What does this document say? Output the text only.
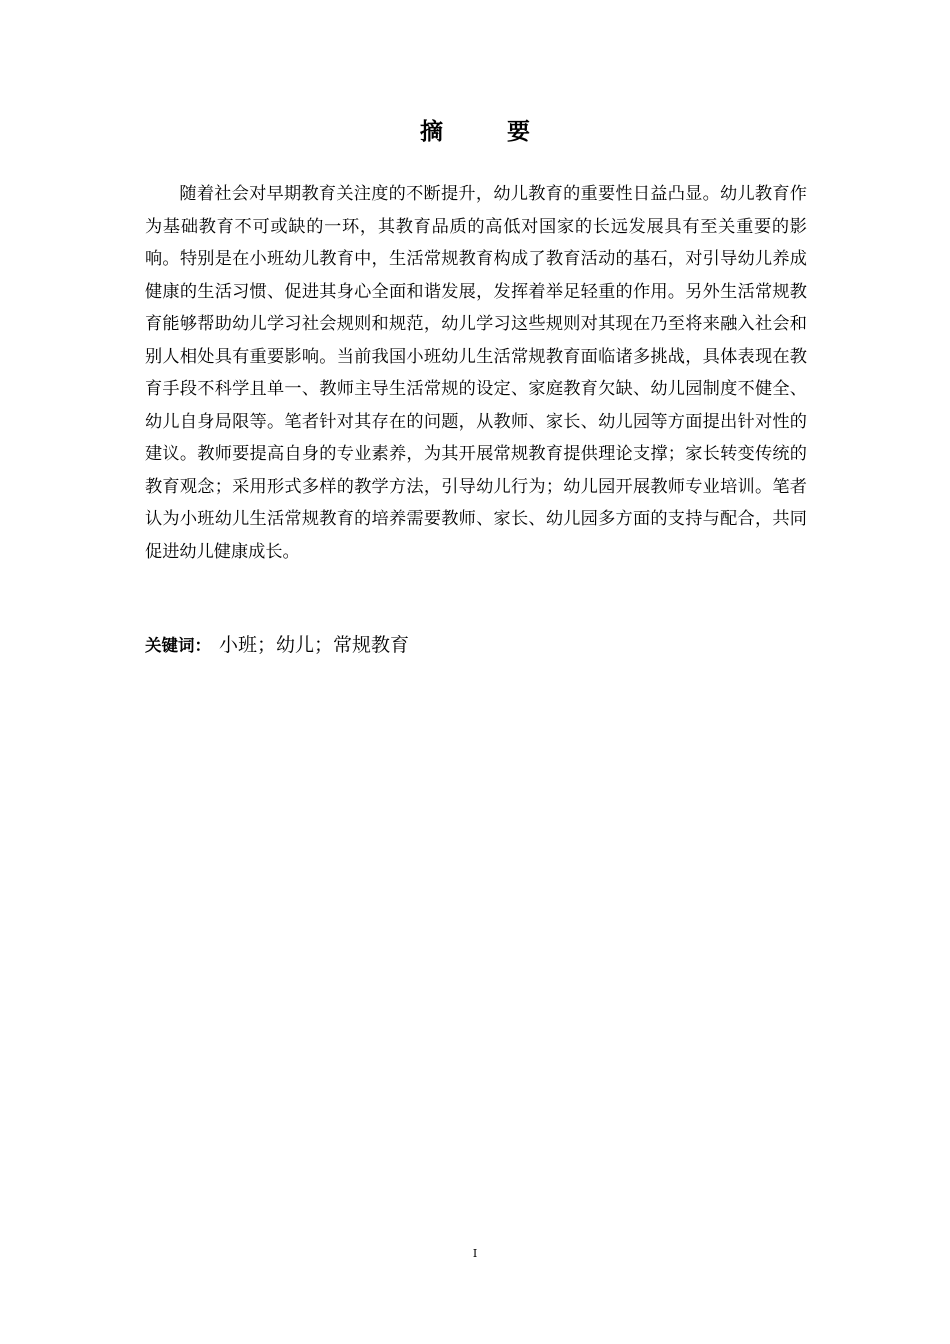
摘 要

随着社会对早期教育关注度的不断提升，幼儿教育的重要性日益凸显。幼儿教育作为基础教育不可或缺的一环，其教育品质的高低对国家的长远发展具有至关重要的影响。特别是在小班幼儿教育中，生活常规教育构成了教育活动的基石，对引导幼儿养成健康的生活习惯、促进其身心全面和谐发展，发挥着举足轻重的作用。另外生活常规教育能够帮助幼儿学习社会规则和规范，幼儿学习这些规则对其现在乃至将来融入社会和别人相处具有重要影响。当前我国小班幼儿生活常规教育面临诸多挑战，具体表现在教育手段不科学且单一、教师主导生活常规的设定、家庭教育欠缺、幼儿园制度不健全、幼儿自身局限等。笔者针对其存在的问题，从教师、家长、幼儿园等方面提出针对性的建议。教师要提高自身的专业素养，为其开展常规教育提供理论支撑；家长转变传统的教育观念；采用形式多样的教学方法，引导幼儿行为；幼儿园开展教师专业培训。笔者认为小班幼儿生活常规教育的培养需要教师、家长、幼儿园多方面的支持与配合，共同促进幼儿健康成长。

关键词： 小班；幼儿；常规教育
I
